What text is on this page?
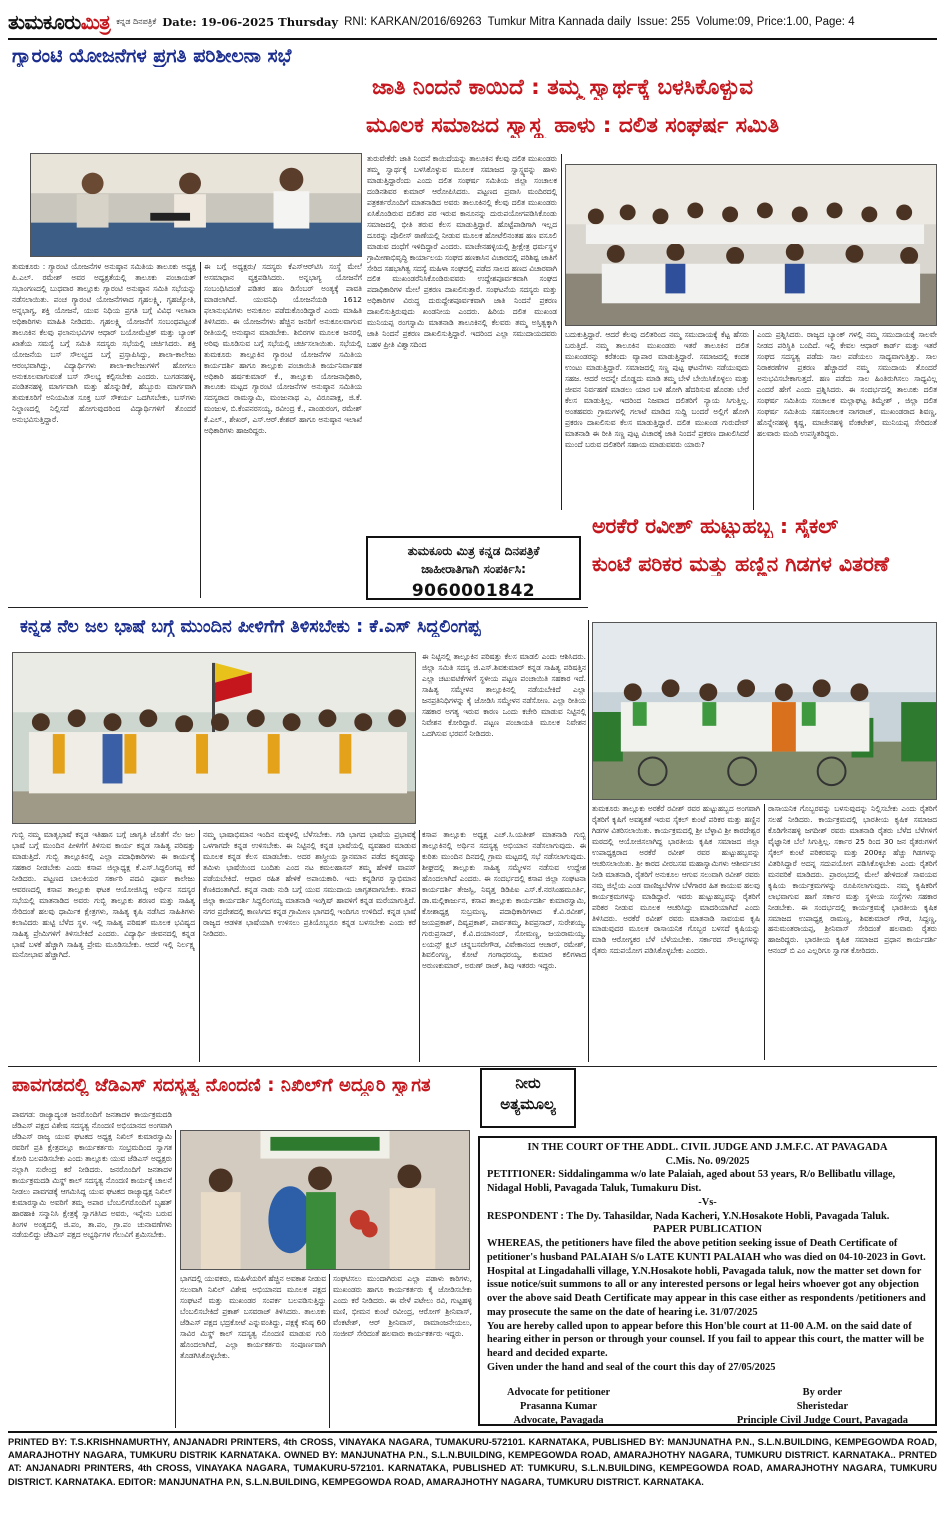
ತುಮಕೂರುಮಿತ್ರ ಕನ್ನಡ ದಿನಪತ್ರಿಕೆ Date: 19-06-2025 Thursday RNI: KARKAN/2016/69263 Tumkur Mitra Kannada daily Issue: 255 Volume:09, Price:1.00, Page: 4
ಗ್ಯಾರಂಟಿ ಯೋಜನೆಗಳ ಪ್ರಗತಿ ಪರಿಶೀಲನಾ ಸಭೆ
ತುಮಕೂರು : ಗ್ಯಾರಂಟಿ ಯೋಜನೆಗಳ ಅನುಷ್ಠಾನ ಸಮಿತಿಯ ತಾಲೂಕು ಅಧ್ಯಕ್ಷ ಪಿ.ಎಲ್. ರಮೇಶ್ ಅವರ ಅಧ್ಯಕ್ಷತೆಯಲ್ಲಿ ತಾಲೂಕು ಪಂಚಾಯತ್ ಸಭಾಂಗಣದಲ್ಲಿ ಬುಧವಾರ ತಾಲ್ಲೂಕು ಗ್ಯಾರಂಟಿ ಅನುಷ್ಠಾನ ಸಮಿತಿ ಸಭೆಯನ್ನು ನಡೆಸಲಾಯಿತು. ಪಂಚ ಗ್ಯಾರಂಟಿ ಯೋಜನೆಗಳಾದ ಗೃಹಲಕ್ಷ್ಮಿ, ಗೃಹಜ್ಯೋತಿ, ಅನ್ನಭಾಗ್ಯ, ಶಕ್ತಿ ಯೋಜನೆ, ಯುವ ನಿಧಿಯ ಪ್ರಗತಿ ಬಗ್ಗೆ ವಿವಿಧ ಇಲಾಖಾ ಅಧಿಕಾರಿಗಳು ಮಾಹಿತಿ ನೀಡಿದರು. ಗೃಹಲಕ್ಷ್ಮಿ ಯೋಜನೆಗೆ ಸಂಬಂಧಪಟ್ಟಂತೆ ತಾಲೂಕಿನ ಕೆಲವು ಫಲಾನುಭವಿಗಳ ಆಧಾರ್ ಬಯೋಮೆಟ್ರಿಕ್ ಮತ್ತು ಬ್ಯಾಂಕ್ ಖಾತೆಯ ಸಮಸ್ಯೆ ಬಗ್ಗೆ ಸಮಿತಿ ಸದಸ್ಯರು ಸಭೆಯಲ್ಲಿ ಚರ್ಚಿಸಿದರು. ಶಕ್ತಿ ಯೋಜನೆಯ ಬಸ್ ಸೌಲಭ್ಯದ ಬಗ್ಗೆ ಪ್ರಸ್ತಾಪಿಸಿದ್ದು, ಶಾಲಾ-ಕಾಲೇಜು ಆರಂಭವಾಗಿದ್ದು, ವಿದ್ಯಾರ್ಥಿಗಳು ಶಾಲಾ-ಕಾಲೇಜುಗಳಿಗೆ ಹೋಗಲು ಅನುಕೂಲವಾಗುವಂತೆ ಬಸ್ ಸೌಲಭ್ಯ ಕಲ್ಪಿಸಬೇಕು ಎಂದರು. ಬುಗಡನಹಳ್ಳಿ, ಪಂಡಿತನಹಳ್ಳಿ ಮಾರ್ಗವಾಗಿ ಮತ್ತು ಹೊನ್ನುಡಿಕೆ, ಹೆಬ್ಬೂರು ಮಾರ್ಗವಾಗಿ ತುಮಕೂರಿಗೆ ಅನಿಯಮಿತ ಸೂಕ್ತ ಬಸ್ ಸೌಕರ್ಯ ಒದಗಿಸಬೇಕು, ಬಸ್‌ಗಳು ನಿಲ್ದಾಣದಲ್ಲಿ ನಿಲ್ಲಿಸದೆ ಹೋಗುವುದರಿಂದ ವಿದ್ಯಾರ್ಥಿಗಳಿಗೆ ತೊಂದರೆ ಅನುಭವಿಸುತ್ತಿದ್ದಾರೆ.
ಈ ಬಗ್ಗೆ ಅಧ್ಯಕ್ಷರು/ ಸದಸ್ಯರು ಕೆಎಸ್‌ಆರ್‌ಟಿಸಿ ಸಂಸ್ಥೆ ಮೇಲೆ ಅಸಮಾಧಾನ ವ್ಯಕ್ತಪಡಿಸಿದರು. ಅನ್ನಭಾಗ್ಯ ಯೋಜನೆಗೆ ಸಂಬಂಧಿಸಿದಂತೆ ಪಡಿತರ ಹಣ ಡಿಸೆಂಬರ್ ಅಂತ್ಯಕ್ಕೆ ಪಾವತಿ ಮಾಡಲಾಗಿದೆ. ಯುವನಿಧಿ ಯೋಜನೆಯಡಿ 1612 ಫಲಾನುಭವಿಗಳು ಅನುಕೂಲ ಪಡೆದುಕೊಂಡಿದ್ದಾರೆ ಎಂದು ಮಾಹಿತಿ ತಿಳಿಸಿದರು. ಈ ಯೋಜನೆಗಳು ಹೆಚ್ಚಿನ ಜನರಿಗೆ ಅನುಕೂಲವಾಗುವ ರೀತಿಯಲ್ಲಿ ಅನುಷ್ಠಾನ ಮಾಡಬೇಕು. ಶಿಬಿರಗಳ ಮೂಲಕ ಜನರಲ್ಲಿ ಅರಿವು ಮೂಡಿಸುವ ಬಗ್ಗೆ ಸಭೆಯಲ್ಲಿ ಚರ್ಚಿಸಲಾಯಿತು. ಸಭೆಯಲ್ಲಿ ತುಮಕೂರು ತಾಲ್ಲೂಕಿನ ಗ್ಯಾರಂಟಿ ಯೋಜನೆಗಳ ಸಮಿತಿಯ ಕಾರ್ಯದರ್ಶಿ ಹಾಗೂ ತಾಲ್ಲೂಕು ಪಂಚಾಯಿತಿ ಕಾರ್ಯನಿರ್ವಾಹಕ ಅಧಿಕಾರಿ ಹರ್ಷಕುಮಾರ್ ಕೆ., ತಾಲ್ಲೂಕು ಯೋಜನಾಧಿಕಾರಿ, ತಾಲೂಕು ಮಟ್ಟದ ಗ್ಯಾರಂಟಿ ಯೋಜನೆಗಳ ಅನುಷ್ಠಾನ ಸಮಿತಿಯ ಸದಸ್ಯರಾದ ರಾಮಸ್ವಾಮಿ, ಮಂಜುನಾಥ ಎ, ವಿರೂಪಾಕ್ಷ, ಜಿ.ಕೆ. ಮಂಜುಳ, ಬಿ.ಕೆಂಪನರಸಯ್ಯ, ರವೀಂದ್ರ ಕೆ., ಪಾಂಡುರಂಗ, ರಮೇಶ್ ಕೆ.ಎಲ್., ಶೇಖರ್, ಎಸ್.ಆರ್.ಕೇಶವ್ ಹಾಗೂ ಅನುಷ್ಠಾನ ಇಲಾಖೆ ಅಧಿಕಾರಿಗಳು ಹಾಜರಿದ್ದರು.
ಜಾತಿ ನಿಂದನೆ ಕಾಯಿದೆ : ತಮ್ಮ ಸ್ವಾರ್ಥಕ್ಕೆ ಬಳಸಿಕೊಳ್ಳುವ
ಮೂಲಕ ಸಮಾಜದ ಸ್ವಾಸ್ಥ್ಯ ಹಾಳು : ದಲಿತ ಸಂಘರ್ಷ ಸಮಿತಿ
ತುರುವೇಕೆರೆ: ಜಾತಿ ನಿಂದನೆ ಕಾಯಿದೆಯನ್ನು ತಾಲೂಕಿನ ಕೆಲವು ದಲಿತ ಮುಖಂಡರು ತಮ್ಮ ಸ್ವಾರ್ಥಕ್ಕೆ ಬಳಸಿಕೊಳ್ಳುವ ಮೂಲಕ ಸಮಾಜದ ಸ್ವಾಸ್ಥ್ಯವನ್ನು ಹಾಳು ಮಾಡುತ್ತಿದ್ದಾರೆಂದು ಎಂದು ದಲಿತ ಸಂಘರ್ಷ ಸಮಿತಿಯ ಜಿಲ್ಲಾ ಸಂಚಾಲಕ ದಂಡಿನಶಿವರ ಕುಮಾರ್ ಆರೋಪಿಸಿದರು. ಪಟ್ಟಣದ ಪ್ರವಾಸಿ ಮಂದಿರದಲ್ಲಿ ಪತ್ರಕರ್ತರೊಂದಿಗೆ ಮಾತನಾಡಿದ ಅವರು ತಾಲೂಕಿನಲ್ಲಿ ಕೆಲವು ದಲಿತ ಮುಖಂಡರು ಏಸಿಕೊಂಡಿರುವ ದಲಿತರ ಪರ ಇರುವ ಕಾನೂನನ್ನು ದುರುಪಯೋಗಪಡಿಸಿಕೊಂಡು ಸಮಾಜದಲ್ಲಿ ಭೀತಿ ತರುವ ಕೆಲಸ ಮಾಡುತ್ತಿದ್ದಾರೆ. ಹೊಟ್ಟೆಪಾಡಿಗಾಗಿ ಇಲ್ಲದ ದೂರನ್ನು ಪೊಲೀಸ್ ಠಾಣೆಯಲ್ಲಿ ನೀಡುವ ಮೂಲಕ ಹೋಟೆಲಿನಂತಹ ಹಣ ವಸೂಲಿ ಮಾಡುವ ದಂಧೆಗೆ ಇಳಿದಿದ್ದಾರೆ ಎಂದರು. ಮಾಚೇನಹಳ್ಳಿಯಲ್ಲಿ ಶ್ರೀಕ್ಷೇತ್ರ ಧರ್ಮಸ್ಥಳ ಗ್ರಾಮೀಣಾಭಿವೃದ್ಧಿ ಕಾರ್ಯಾಲಯ ಸಂಘದ ಹಣಕಾಸಿನ ವಿಚಾರದಲ್ಲಿ ಪರಿಶಿಷ್ಟ ಜಾತಿಗೆ ಸೇರಿದ ಸಹಭಾಗಿತ್ವ ಸದಸ್ಯೆ ಮಹಿಳಾ ಸಂಘದಲ್ಲಿ ಪಡೆದ ಸಾಲದ ಹಣದ ವಿಚಾರವಾಗಿ ದಲಿತ ಮುಖಂಡರೆನಿಸಿಕೊಂಡಿರುವವರು ಉದ್ದೇಶಪೂರ್ವಕವಾಗಿ ಸಂಘದ ಪದಾಧಿಕಾರಿಗಳ ಮೇಲೆ ಪ್ರಕರಣ ದಾಖಲಿಸುತ್ತಾರೆ. ಸಂಘಟನೆಯ ಸದಸ್ಯರು ಮತ್ತು ಅಧಿಕಾರಿಗಳ ವಿರುದ್ಧ ದುರುದ್ದೇಶಪೂರ್ವಕವಾಗಿ ಜಾತಿ ನಿಂದನೆ ಪ್ರಕರಣ ದಾಖಲಿಸುತ್ತಿರುವುದು ಖಂಡನೀಯ ಎಂದರು. ಹಿರಿಯ ದಲಿತ ಮುಖಂಡ ಮುನಿಯಪ್ಪ ರಂಗಸ್ವಾಮಿ ಮಾತನಾಡಿ ತಾಲೂಕಿನಲ್ಲಿ ಕೆಲವರು ತಮ್ಮ ಅಸ್ತಿತ್ವಕ್ಕಾಗಿ ಜಾತಿ ನಿಂದನೆ ಪ್ರಕರಣ ದಾಖಲಿಸುತ್ತಿದ್ದಾರೆ. ಇದರಿಂದ ಎಲ್ಲಾ ಸಮುದಾಯದವರು ಬಹಳ ಪ್ರೀತಿ ವಿಶ್ವಾಸದಿಂದ
ಬದುಕುತ್ತಿದ್ದಾರೆ. ಆದರೆ ಕೆಲವು ದಲಿತರಿಂದ ನಮ್ಮ ಸಮುದಾಯಕ್ಕೆ ಕೆಟ್ಟ ಹೆಸರು ಬರುತ್ತಿದೆ. ನಮ್ಮ ತಾಲೂಕಿನ ಮುಖಂಡರು ಇತರೆ ತಾಲೂಕಿನ ದಲಿತ ಮುಖಂಡರನ್ನು ಕರೆತಂದು ವ್ಯಾಪಾರ ಮಾಡುತ್ತಿದ್ದಾರೆ. ಸಮಾಜದಲ್ಲಿ ಕಂದಕ ಉಂಟು ಮಾಡುತ್ತಿದ್ದಾರೆ. ಸಮಾಜದಲ್ಲಿ ಸಣ್ಣ ಪುಟ್ಟ ಘಟನೆಗಳು ನಡೆಯುವುದು ಸಹಜ. ಆದರೆ ಅದನ್ನೇ ದೊಡ್ಡದು ಮಾಡಿ ತಮ್ಮ ಬೇಳೆ ಬೇಯಿಸಿಕೊಳ್ಳಲು ಮತ್ತು ಜೀವನ ನಿರ್ವಹಣೆ ಮಾಡಲು ಯಾರ ಬಳಿ ಹೋಗಿ ಹೆದರಿಸುವ ಹೊರತು ಬೇರೆ ಕೆಲಸ ಮಾಡುತ್ತಿಲ್ಲ. ಇದರಿಂದ ನಿಜವಾದ ದಲಿತರಿಗೆ ನ್ಯಾಯ ಸಿಗುತ್ತಿಲ್ಲ. ಅಂತಹವರು ಗ್ರಾಮಗಳಲ್ಲಿ ಗಲಾಟೆ ಮಾಡಿದ ಸುದ್ದಿ ಬಂದರೆ ಅಲ್ಲಿಗೆ ಹೋಗಿ ಪ್ರಕರಣ ದಾಖಲಿಸುವ ಕೆಲಸ ಮಾಡುತ್ತಿದ್ದಾರೆ. ದಲಿತ ಮುಖಂಡ ಗುರುದೇವ್ ಮಾತನಾಡಿ ಈ ರೀತಿ ಸಣ್ಣ ಪುಟ್ಟ ವಿಚಾರಕ್ಕೆ ಜಾತಿ ನಿಂದನೆ ಪ್ರಕರಣ ದಾಖಲಿಸಿದರೆ ಮುಂದೆ ಬರುವ ದಲಿತರಿಗೆ ಸಹಾಯ ಮಾಡುವವರು ಯಾರು?
ಎಂದು ಪ್ರಶ್ನಿಸಿದರು. ರಾಜ್ಯದ ಬ್ಯಾಂಕ್ ಗಳಲ್ಲಿ ನಮ್ಮ ಸಮುದಾಯಕ್ಕೆ ಸಾಲವೇ ನೀಡದ ಪರಿಸ್ಥಿತಿ ಬಂದಿದೆ. ಇಲ್ಲಿ ಕೇವಲ ಆಧಾರ್ ಕಾರ್ಡ್ ಮತ್ತು ಇತರೆ ಸಂಘದ ಸದಸ್ಯತ್ವ ಪಡೆದು ಸಾಲ ಪಡೆಯಲು ಸಾಧ್ಯವಾಗುತ್ತಿತ್ತು. ಸಾಲ ನಿರಾಕರಣೆಗಳ ಪ್ರಕರಣ ಹೆಚ್ಚಾದರೆ ನಮ್ಮ ಸಮುದಾಯ ತೊಂದರೆ ಅನುಭವಿಸಬೇಕಾಗುತ್ತದೆ. ಹಣ ಪಡೆದು ಸಾಲ ಹಿಂತಿರುಗಿಸಲು ಸಾಧ್ಯವಿಲ್ಲ ಎಂದರೆ ಹೇಗೆ ಎಂದು ಪ್ರಶ್ನಿಸಿದರು. ಈ ಸಂದರ್ಭದಲ್ಲಿ ತಾಲೂಕು ದಲಿತ ಸಂಘರ್ಷ ಸಮಿತಿಯ ಸಂಚಾಲಕ ಮಲ್ಲಾಘಟ್ಟ ತಿಮ್ಮೇಶ್ , ಜಿಲ್ಲಾ ದಲಿತ ಸಂಘರ್ಷ ಸಮಿತಿಯ ಸಹಸಂಚಾಲಕ ನಾಗರಾಜ್, ಮುಖಂಡರಾದ ಶಿವಣ್ಣ, ಹೊನ್ನೇನಹಳ್ಳಿ ಕೃಷ್ಣ, ಮಾಚೇನಹಳ್ಳಿ ವೆಂಕಟೇಶ್, ಮುನಿಯಪ್ಪ ಸೇರಿದಂತೆ ಹಲವಾರು ಮಂದಿ ಉಪಸ್ಥಿತರಿದ್ದರು.
ತುಮಕೂರು ಮಿತ್ರ ಕನ್ನಡ ದಿನಪತ್ರಿಕೆ
ಜಾಹೀರಾತಿಗಾಗಿ ಸಂಪರ್ಕಿಸಿ:
9060001842
ಅರಕೆರೆ ರವೀಶ್ ಹುಟ್ಟುಹಬ್ಬ : ಸೈಕಲ್
ಕುಂಟೆ ಪರಿಕರ ಮತ್ತು ಹಣ್ಣಿನ ಗಿಡಗಳ ವಿತರಣೆ
ತುಮಕೂರು ತಾಲ್ಲೂಕು ಅರಕೆರೆ ರವೀಶ್ ರವರ ಹುಟ್ಟುಹಬ್ಬದ ಅಂಗವಾಗಿ ರೈತರಿಗೆ ಕೃಷಿಗೆ ಅವಶ್ಯಕತೆ ಇರುವ ಸೈಕಲ್ ಕುಂಟೆ ಪರಿಕರ ಮತ್ತು ಹಣ್ಣಿನ ಗಿಡಗಳ ವಿತರಿಸಲಾಯಿತು. ಕಾರ್ಯಕ್ರಮದಲ್ಲಿ ಶ್ರೀ ಬೆಳ್ಳಾವಿ ಶ್ರೀ ಕಾರದೇಶ್ವರ ಮಠದಲ್ಲಿ ಆಯೋಜಿಸಲಾಗಿದ್ದ ಭಾರತೀಯ ಕೃಷಿಕ ಸಮಾಜದ ಜಿಲ್ಲಾ ಉಪಾಧ್ಯಕ್ಷರಾದ ಅರಕೆರೆ ರವೀಶ್ ರವರ ಹುಟ್ಟುಹಬ್ಬವನ್ನು ಆಚರಿಸಲಾಯಿತು. ಶ್ರೀ ಕಾರದ ವೀರಬಸವ ಮಹಾಸ್ವಾಮಿಗಳು ಆಶೀರ್ವಚನ ನೀಡಿ ಮಾತನಾಡಿ, ರೈತರಿಗೆ ಅನುಕೂಲ ಆಗುವ ಸಲುವಾಗಿ ರವೀಶ್ ರವರು ನಮ್ಮ ಜಿಲ್ಲೆಯ ಎಂಡ ವಾಣಿಜ್ಯಬೆಳೆಗಳ ಬೆಳೆಗಾರರ ಹಿತ ಕಾಯುವ ಹಲವು ಕಾರ್ಯಕ್ರಮಗಳನ್ನು ಮಾಡಿದ್ದಾರೆ. ಇವರು ಹುಟ್ಟುಹಬ್ಬವನ್ನು ರೈತರಿಗೆ ಪರಿಕರ ನೀಡುವ ಮೂಲಕ ಆಚರಿಸಿದ್ದು ಮಾದರಿಯಾಗಿದೆ ಎಂದು ತಿಳಿಸಿದರು. ಅರಕೆರೆ ರವೀಶ್ ರವರು ಮಾತನಾಡಿ ಸಾವಯವ ಕೃಷಿ ಮಾಡುವುದರ ಮೂಲಕ ರಾಸಾಯನಿಕ ಗೊಬ್ಬರ ಬಳಸದೆ ಕೃಷಿಯನ್ನು ಮಾಡಿ ಆರೋಗ್ಯಕರ ಬೆಳೆ ಬೆಳೆಯಬೇಕು. ಸರ್ಕಾರದ ಸೌಲಭ್ಯಗಳನ್ನು ರೈತರು ಸದುಪಯೋಗ ಪಡಿಸಿಕೊಳ್ಳಬೇಕು ಎಂದರು.
ರಾಸಾಯನಿಕ ಗೊಬ್ಬರವನ್ನು ಬಳಸುವುದನ್ನು ನಿಲ್ಲಿಸಬೇಕು ಎಂದು ರೈತರಿಗೆ ಸಲಹೆ ನೀಡಿದರು. ಕಾರ್ಯಕ್ರಮದಲ್ಲಿ ಭಾರತೀಯ ಕೃಷಿಕ ಸಮಾಜದ ಕೊಡಿಗೇನಹಳ್ಳಿ ಜಗದೀಶ್ ರವರು ಮಾತನಾಡಿ ರೈತರು ಬೆಳೆದ ಬೆಳೆಗಳಿಗೆ ವೈಜ್ಞಾನಿಕ ಬೆಲೆ ಸಿಗುತ್ತಿಲ್ಲ. ಸರ್ಕಾರ 25 ರಿಂದ 30 ಜನ ರೈತರುಗಳಿಗೆ ಸೈಕಲ್ ಕುಂಟೆ ಪರಿಕರವನ್ನು ಮತ್ತು 200ಕ್ಕೂ ಹೆಚ್ಚು ಗಿಡಗಳನ್ನು ವಿತರಿಸಿದ್ದಾರೆ ಅದನ್ನ ಸದುಪಯೋಗ ಪಡಿಸಿಕೊಳ್ಳಬೇಕು ಎಂದು ರೈತರಿಗೆ ಮನವರಿಕೆ ಮಾಡಿದರು. ಪ್ರಾರಂಭದಲ್ಲಿ ಮೇಲೆ ಹೇಳಿದಂತೆ ಸಾವಯವ ಕೃಷಿಯ ಕಾರ್ಯಕ್ರಮಗಳನ್ನು ರೂಪಿಸಲಾಗುವುದು. ನಮ್ಮ ಕೃಷಿಕರಿಗೆ ಲಾಭವಾಗುವ ಹಾಗೆ ಸರ್ಕಾರ ಮತ್ತು ಸ್ಥಳೀಯ ಸಂಸ್ಥೆಗಳು ಸಹಕಾರ ನೀಡಬೇಕು. ಈ ಸಂದರ್ಭದಲ್ಲಿ ಕಾರ್ಯಕ್ರಮಕ್ಕೆ ಭಾರತೀಯ ಕೃಷಿಕ ಸಮಾಜದ ಉಪಾಧ್ಯಕ್ಷ ರಾಮಣ್ಣ, ಶಿವಕುಮಾರ್ ಗೌಡ, ಸಿದ್ದಣ್ಣ, ಹನುಮಂತರಾಯಪ್ಪ, ಶ್ರೀನಿವಾಸ್ ಸೇರಿದಂತೆ ಹಲವಾರು ರೈತರು ಹಾಜರಿದ್ದರು. ಭಾರತೀಯ ಕೃಷಿಕ ಸಮಾಜದ ಪ್ರಧಾನ ಕಾರ್ಯದರ್ಶಿ ಆನಂದ್ ಬಿ ಎಂ ಎಲ್ಲರಿಗೂ ಸ್ವಾಗತ ಕೋರಿದರು.
ಕನ್ನಡ ನೆಲ ಜಲ ಭಾಷೆ ಬಗ್ಗೆ ಮುಂದಿನ ಪೀಳಿಗೆಗೆ ತಿಳಿಸಬೇಕು : ಕೆ.ಎಸ್ ಸಿದ್ದಲಿಂಗಪ್ಪ
ಈ ನಿಟ್ಟಿನಲ್ಲಿ ತಾಲ್ಲೂಕಿನ ಪರಿಷತ್ತು ಕೆಲಸ ಮಾಡಲಿ ಎಂದು ಆಶಿಸಿದರು. ಜಿಲ್ಲಾ ಸಮಿತಿ ಸದಸ್ಯ ಜಿ.ಎಸ್.ಶಿವಕುಮಾರ್ ಕನ್ನಡ ಸಾಹಿತ್ಯ ಪರಿಷತ್ತಿನ ಎಲ್ಲಾ ಚಟುವಟಿಕೆಗಳಿಗೆ ಸ್ಥಳೀಯ ಪಟ್ಟಣ ಪಂಚಾಯಿತಿ ಸಹಕಾರ ಇದೆ. ಸಾಹಿತ್ಯ ಸಮ್ಮೇಳನ ತಾಲ್ಲೂಕಿನಲ್ಲಿ ನಡೆಯಬೇಕಿದೆ ಎಲ್ಲಾ ಜನಪ್ರತಿನಿಧಿಗಳನ್ನು ಕೈ ಜೋಡಿಸಿ ಸಮ್ಮೇಳನ ನಡೆಸೋಣ. ಎಲ್ಲಾ ರೀತಿಯ ಸಹಕಾರ ಅಗತ್ಯ ಇರುವ ಕಾರಣ ಒಂದು ಕಚೇರಿ ಮಾಡುವ ನಿಟ್ಟಿನಲ್ಲಿ ನಿವೇಶನ ಕೋರಿದ್ದಾರೆ. ಪಟ್ಟಣ ಪಂಚಾಯತಿ ಮೂಲಕ ನಿವೇಶನ ಒದಗಿಸುವ ಭರವಸೆ ನೀಡಿದರು.
ಗುಬ್ಬಿ ನಮ್ಮ ಮಾತೃಭಾಷೆ ಕನ್ನಡ ಇತಿಹಾಸ ಬಗ್ಗೆ ಜಾಗೃತಿ ಜೊತೆಗೆ ನೆಲ ಜಲ ಭಾಷೆ ಬಗ್ಗೆ ಮುಂದಿನ ಪೀಳಿಗೆಗೆ ತಿಳಿಸುವ ಕಾರ್ಯ ಕನ್ನಡ ಸಾಹಿತ್ಯ ಪರಿಷತ್ತು ಮಾಡುತ್ತಿದೆ. ಗುಬ್ಬಿ ತಾಲ್ಲೂಕಿನಲ್ಲಿ ಎಲ್ಲಾ ಪದಾಧಿಕಾರಿಗಳು ಈ ಕಾರ್ಯಕ್ಕೆ ಸಹಕಾರ ನೀಡಬೇಕು ಎಂದು ಕಸಾಪ ಜಿಲ್ಲಾಧ್ಯಕ್ಷ ಕೆ.ಎಸ್.ಸಿದ್ದಲಿಂಗಪ್ಪ ಕರೆ ನೀಡಿದರು. ಪಟ್ಟಣದ ಬಾಲಕಿಯರ ಸರ್ಕಾರಿ ಪದವಿ ಪೂರ್ವ ಕಾಲೇಜು ಆವರಣದಲ್ಲಿ ಕಸಾಪ ತಾಲ್ಲೂಕು ಘಟಕ ಆಯೋಜಿಸಿದ್ದ ಅರ್ಥಿನ ಸದಸ್ಯರ ಸಭೆಯಲ್ಲಿ ಮಾತನಾಡಿದ ಅವರು ಗುಬ್ಬಿ ತಾಲ್ಲೂಕು ಶರಣರ ಮತ್ತು ಸಾಹಿತ್ಯ ಸೇರಿದಂತೆ ಹಲವು ಧಾರ್ಮಿಕ ಕ್ಷೇತ್ರಗಳು, ಸಾಹಿತ್ಯ ಕೃಷಿ ನಡೆಸಿದ ಸಾಹಿತಿಗಳು ಕಲಾವಿದರು ಹುಟ್ಟಿ ಬೆಳೆದ ಸ್ಥಳ. ಇಲ್ಲಿ ಸಾಹಿತ್ಯ ಪರಿಷತ್ ಮೂಲಕ ಭವಿಷ್ಯದ ಸಾಹಿತ್ಯ ಪ್ರೇಮಿಗಳಿಗೆ ತಿಳಿಸಬೇಕಿದೆ ಎಂದರು. ವಿದ್ಯಾರ್ಥಿ ಜೀವನದಲ್ಲಿ ಕನ್ನಡ ಭಾಷೆ ಬಳಕೆ ಹೆಚ್ಚಾಗಿ ಸಾಹಿತ್ಯ ಪ್ರೇಮ ಮೂಡಿಸಬೇಕು. ಆದರೆ ಇಲ್ಲಿ ನಿರ್ಲಕ್ಷ್ಯ ಮನೋಭಾವ ಹೆಚ್ಚಾಗಿದೆ.
ನಮ್ಮ ಭಾಷಾಭಿಮಾನ ಇಂದಿನ ಮಕ್ಕಳಲ್ಲಿ ಬೆಳೆಸಬೇಕು. ಗಡಿ ಭಾಗದ ಭಾಷೆಯ ಪ್ರಭಾವಕ್ಕೆ ಒಳಗಾಗದೇ ಕನ್ನಡ ಉಳಿಸಬೇಕು. ಈ ನಿಟ್ಟಿನಲ್ಲಿ ಕನ್ನಡ ಭಾಷೆಯಲ್ಲಿ ವ್ಯವಹಾರ ಮಾಡುವ ಮೂಲಕ ಕನ್ನಡ ಕೆಲಸ ಮಾಡಬೇಕು. ಅದರ ಶಾಸ್ತ್ರೀಯ ಸ್ಥಾನಮಾನ ಪಡೆದ ಕನ್ನಡವನ್ನು ತಮಿಳು ಭಾಷೆಯಿಂದ ಬಂದಿತು ಎಂದ ನಟ ಕಮಲಹಾಸನ್ ತಮ್ಮ ಹೇಳಿಕೆ ವಾಪಸ್ ಪಡೆಯಬೇಕಿದೆ. ಆಧಾರ ರಹಿತ ಹೇಳಿಕೆ ಅಪಾಯಕಾರಿ. ಇದು ಕನ್ನಡಿಗರ ಸ್ವಾಭಿಮಾನ ಕೆಣಕಿದಂತಾಗಿದೆ. ಕನ್ನಡ ನಾಡು ನುಡಿ ಬಗ್ಗೆ ಯುವ ಸಮುದಾಯ ಜಾಗೃತವಾಗಬೇಕು. ಕಸಾಪ ಜಿಲ್ಲಾ ಕಾರ್ಯದರ್ಶಿ ಸಿದ್ದಲಿಂಗಯ್ಯ ಮಾತನಾಡಿ ಇಂಗ್ಲಿಷ್ ಹಾವಳಿಗೆ ಕನ್ನಡ ಮರೆಯಾಗುತ್ತಿದೆ. ನಗರ ಪ್ರದೇಶದಲ್ಲಿ ಕಾಣಸಿಗದ ಕನ್ನಡ ಗ್ರಾಮೀಣ ಭಾಗದಲ್ಲಿ ಇಂದಿಗೂ ಉಳಿದಿದೆ. ಕನ್ನಡ ಭಾಷೆ ರಾಜ್ಯದ ಆಡಳಿತ ಭಾಷೆಯಾಗಿ ಉಳಿಸಲು ಪ್ರತಿಯೊಬ್ಬರೂ ಕನ್ನಡ ಬಳಸಬೇಕು ಎಂದು ಕರೆ ನೀಡಿದರು.
ಕಸಾಪ ತಾಲ್ಲೂಕು ಅಧ್ಯಕ್ಷ ಎಚ್.ಸಿ.ಯತೀಶ್ ಮಾತನಾಡಿ ಗುಬ್ಬಿ ತಾಲ್ಲೂಕಿನಲ್ಲಿ ಅರ್ಥಿನ ಸದಸ್ಯತ್ವ ಅಭಿಯಾನ ನಡೆಸಲಾಗುವುದು. ಈ ಕುರಿತು ಮುಂದಿನ ದಿನದಲ್ಲಿ ಗ್ರಾಮ ಮಟ್ಟದಲ್ಲಿ ಸಭೆ ನಡೆಸಲಾಗುವುದು. ಶೀಘ್ರದಲ್ಲಿ ತಾಲ್ಲೂಕು ಸಾಹಿತ್ಯ ಸಮ್ಮೇಳನ ನಡೆಸುವ ಉದ್ದೇಶ ಹೊಂದಲಾಗಿದೆ ಎಂದರು. ಈ ಸಂದರ್ಭದಲ್ಲಿ ಕಸಾಪ ಜಿಲ್ಲಾ ಸಂಘಟನಾ ಕಾರ್ಯದರ್ಶಿ ತೇಜಸ್ವಿ, ನಿವೃತ್ತ ಡಿಡಿಪಿಐ ಎಸ್.ಕೆ.ನರಸಿಂಹಮೂರ್ತಿ, ಡಾ.ಮಲ್ಲಿಕಾರ್ಜುನ, ಕಸಾಪ ತಾಲ್ಲೂಕು ಕಾರ್ಯದರ್ಶಿ ಕುಮಾರಸ್ವಾಮಿ, ಕೋಶಾಧ್ಯಕ್ಷ ಸುಬ್ರಮಣ್ಯ, ಪದಾಧಿಕಾರಿಗಳಾದ ಕೆ.ವಿ.ರವೀಶ್, ಜಯಪ್ರಕಾಶ್, ದಿವ್ಯಪ್ರಕಾಶ್, ಪಾರ್ವತಮ್ಮ, ಶಿವಪ್ರಸಾದ್, ಸುರೇಶಯ್ಯ, ಗುರುಪ್ರಸಾದ್, ಕೆ.ವಿ.ದಯಾನಂದ್, ಸೋಮಣ್ಣ, ಜಯರಾಮಯ್ಯ, ಲಯನ್ಸ್ ಕ್ಲಬ್ ಚನ್ನಬಸವೇಗೌಡ, ವಿವೇಕಾನಂದ ಆಚಾರ್, ರಮೇಶ್, ಶಿವಲಿಂಗಣ್ಣ, ಕೋಟೆ ಗಂಗಾಧರಯ್ಯ, ಕುಮಾರ ಕಲಿಗಳಾದ ಅರುಣಕುಮಾರ್, ಅರುಣ್ ರಾಜ್, ಶಿವು ಇತರರು ಇದ್ದರು.
ಪಾವಗಡದಲ್ಲಿ ಜೆಡಿಎಸ್ ಸದಸ್ಯತ್ವ ನೊಂದಣಿ : ನಿಖಿಲ್‌ಗೆ ಅದ್ದೂರಿ ಸ್ವಾಗತ	ನೀರು
ಅತ್ಯಮೂಲ್ಯ
ಪಾವಗಡ: ರಾಜ್ಯಾದ್ಯಂತ ಜನರೊಂದಿಗೆ ಜನತಾದಳ ಕಾರ್ಯಕ್ರಮದಡಿ ಜೆಡಿಎಸ್ ಪಕ್ಷದ ವಿಶೇಷ ಸದಸ್ಯತ್ವ ನೊಂದಣಿ ಅಭಿಯಾನದ ಅಂಗವಾಗಿ ಜೆಡಿಎಸ್ ರಾಜ್ಯ ಯುವ ಘಟಕದ ಅಧ್ಯಕ್ಷ ನಿಖಿಲ್ ಕುಮಾರಸ್ವಾಮಿ ರವರಿಗೆ ಪ್ರತಿ ಕ್ಷೇತ್ರದಲ್ಲೂ ಕಾರ್ಯಕರ್ತರು ಸಂಭ್ರಮದಿಂದ ಸ್ವಾಗತ ಕೋರಿ ಬಲಪಡಿಸಬೇಕು ಎಂದು ತಾಲ್ಲೂಕು ಯುವ ಜೆಡಿಎಸ್ ಅಧ್ಯಕ್ಷರು ನಲ್ಲಾಗಿ ಸುರೇಂದ್ರ ಕರೆ ನೀಡಿದರು. ಜನರೊಂದಿಗೆ ಜನತಾದಳ ಕಾರ್ಯಕ್ರಮದಡಿ ಮಿಸ್ಡ್ ಕಾಲ್ ಸದಸ್ಯತ್ವ ನೊಂದಣಿ ಕಾರ್ಯಕ್ಕೆ ಚಾಲನೆ ನೀಡಲು ಪಾವಗಡಕ್ಕೆ ಆಗಮಿಸಿದ್ದ ಯುವ ಘಟಕದ ರಾಜ್ಯಾಧ್ಯಕ್ಷ ನಿಖಿಲ್ ಕುಮಾರಸ್ವಾಮಿ ಅವರಿಗೆ ತಮ್ಮ ಅಪಾರ ಬೆಂಬಲಿಗರೊಂದಿಗೆ ಬೃಹತ್ ಹಾರಹಾಕಿ ಸನ್ಮಾನಿಸಿ ಕ್ಷೇತ್ರಕ್ಕೆ ಸ್ವಾಗತಿಸಿದ ಅವರು, ಇನ್ನೇನು ಬರುವ ತಿಂಗಳ ಅಂತ್ಯದಲ್ಲಿ ಜಿ.ಪಂ, ತಾ.ಪಂ, ಗ್ರಾ.ಪಂ ಚುನಾವಣೆಗಳು ನಡೆಯಲಿದ್ದು ಜೆಡಿಎಸ್ ಪಕ್ಷದ ಅಭ್ಯರ್ಥಿಗಳ ಗೆಲುವಿಗೆ ಶ್ರಮಿಸಬೇಕು.
ಭಾಗದಲ್ಲಿ ಯುವಕರು, ಮಹಿಳೆಯರಿಗೆ ಹೆಚ್ಚಿನ ಅವಕಾಶ ನೀಡುವ ಸಲುವಾಗಿ ನಿಖಿಲ್ ವಿಶೇಷ ಅಭಿಯಾನದ ಮೂಲಕ ಪಕ್ಷದ ಸಂಘಟನೆ ಮತ್ತು ಮುಖಂಡರ ಸಂಪರ್ಕ ಬಲಪಡಿಸುತ್ತಿದ್ದು ಬೆಂಬಲಿಸಬೇಕಿದೆ ಪ್ರಕಾಶ್ ಬಸವರಾಜ್ ತಿಳಿಸಿದರು. ತಾಲೂಕು ಜೆಡಿಎಸ್ ಪಕ್ಷದ ಭದ್ರಕೋಟೆ ಎನ್ನುವಂತಿದ್ದು, ಪಕ್ಷಕ್ಕೆ ಕನಿಷ್ಠ 60 ಸಾವಿರ ಮಿಸ್ಡ್ ಕಾಲ್ ಸದಸ್ಯತ್ವ ನೊಂದಣಿ ಮಾಡುವ ಗುರಿ ಹೊಂದಲಾಗಿದೆ, ಎಲ್ಲಾ ಕಾರ್ಯಕರ್ತರು ಸಂಪೂರ್ಣವಾಗಿ ತೊಡಗಿಸಿಕೊಳ್ಳಬೇಕು.
ಸಂಘಟಿಸಲು ಮುಂದಾಗಿರುವ ಎಲ್ಲಾ ಪಡಾಳು ಕಾರಿಗಳು, ಮುಖಂಡರು ಹಾಗೂ ಕಾರ್ಯಕರ್ತರು ಕೈ ಜೋಡಿಸಬೇಕು ಎಂದು ಕರೆ ನೀಡಿದರು. ಈ ವೇಳೆ ಪಟೇಲು ರವಿ, ಗುಟ್ಟಹಳ್ಳಿ ಮಣಿ, ಭೀಮನ ಕುಂಟೆ ರವೀಂದ್ರ, ಆರೋಗ್ ಶ್ರೀನಿವಾಸ್, ವೆಂಕಟೇಶ್, ಆರ್ ಶ್ರೀನಿವಾಸ್, ರಾಮಾಂಜನೇಯಲು, ಸಂಜೀವ್ ಸೇರಿದಂತೆ ಹಲವಾರು ಕಾರ್ಯಕರ್ತರು ಇದ್ದರು.

IN THE COURT OF THE ADDL. CIVIL JUDGE AND J.M.F.C. AT PAVAGADA

C.Mis. No. 09/2025

PETITIONER: Siddalingamma w/o late Palaiah, aged about 53 years, R/o Bellibatlu village, Nidagal Hobli, Pavagada Taluk, Tumakuru Dist.

-Vs-

RESPONDENT : The Dy. Tahasildar, Nada Kacheri, Y.N.Hosakote Hobli, Pavagada Taluk.

PAPER PUBLICATION

WHEREAS, the petitioners have filed the above petition seeking issue of Death Certificate of petitioner's husband PALAIAH S/o LATE KUNTI PALAIAH who was died on 04-10-2023 in Govt. Hospital at Lingadahalli village, Y.N.Hosakote hobli, Pavagada taluk, now the matter set down for issue notice/suit summons to all or any interested persons or legal heirs whoever got any objection over the above said Death Certificate may appear in this case either as respondents /petitioners and may prosecute the same on the date of hearing i.e. 31/07/2025

You are hereby called upon to appear before this Hon'ble court at 11-00 A.M. on the said date of hearing either in person or through your counsel. If you fail to appear this court, the matter will be heard and decided exparte.

Given under the hand and seal of the court this day of 27/05/2025

Advocate for petitioner
Prasanna Kumar
Advocate, Pavagada
By order
Sheristedar
Principle Civil Judge Court, Pavagada
PRINTED BY: T.S.KRISHNAMURTHY, ANJANADRI PRINTERS, 4th CROSS, VINAYAKA NAGARA, TUMAKURU-572101. KARNATAKA, PUBLISHED BY: MANJUNATHA P.N., S.L.N.BUILDING, KEMPEGOWDA ROAD, AMARAJHOTHY NAGARA, TUMKURU DISTRIK KARNATAKA. OWNED BY: MANJUNATHA P.N., S.L.N.BUILDING, KEMPEGOWDA ROAD, AMARAJHOTHY NAGARA, TUMKURU DISTRICT. KARNATAKA.. PRNTED AT: ANJANADRI PRINTERS, 4th CROSS, VINAYAKA NAGARA, TUMAKURU-572101. KARNATAKA, PUBLISHED AT: TUMKURU, S.L.N.BUILDING, KEMPEGOWDA ROAD, AMARAJHOTHY NAGARA, TUMKURU DISTRICT. KARNATAKA. EDITOR: MANJUNATHA P.N, S.L.N.BUILDING, KEMPEGOWDA ROAD, AMARAJHOTHY NAGARA, TUMKURU DISTRICT. KARNATAKA.
